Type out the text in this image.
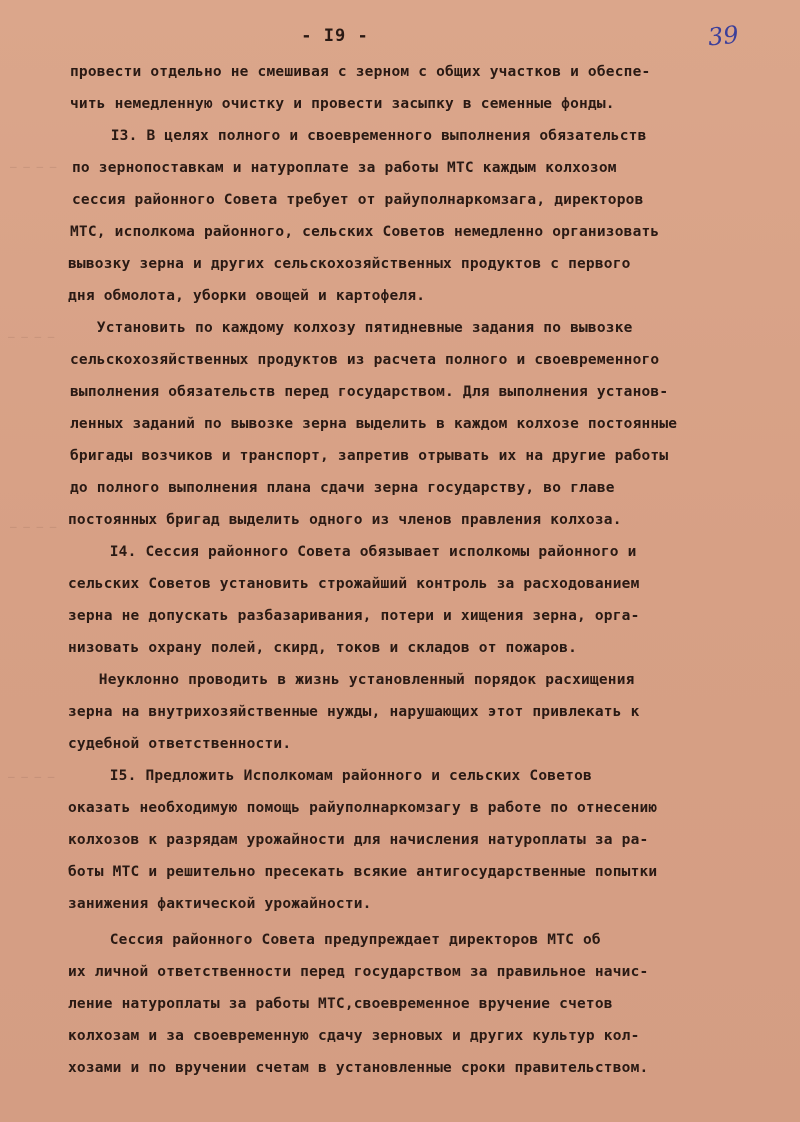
- I9 -	39
– – – –
– – – –
– – – –
– – – –
провести отдельно не смешивая с зерном с общих участков и обеспе-
чить немедленную очистку и провести засыпку в семенные фонды.
I3. В целях полного и своевременного выполнения обязательств
по зернопоставкам и натуроплате за работы МТС каждым колхозом
сессия районного Совета требует от райуполнаркомзага, директоров
МТС, исполкома районного, сельских Советов немедленно организовать
вывозку зерна и других сельскохозяйственных продуктов с первого
дня обмолота, уборки овощей и картофеля.
Установить по каждому колхозу пятидневные задания по вывозке
сельскохозяйственных продуктов из расчета полного и своевременного
выполнения обязательств перед государством. Для выполнения установ-
ленных заданий по вывозке зерна выделить в каждом колхозе постоянные
бригады возчиков и транспорт, запретив отрывать их на другие работы
до полного выполнения плана сдачи зерна государству, во главе
постоянных бригад выделить одного из членов правления колхоза.
I4. Сессия районного Совета обязывает исполкомы районного и
сельских Советов установить строжайший контроль за расходованием
зерна не допускать разбазаривания, потери и хищения зерна, орга-
низовать охрану полей, скирд, токов и складов от пожаров.
Неуклонно проводить в жизнь установленный порядок расхищения
зерна на внутрихозяйственные нужды, нарушающих этот привлекать к
судебной ответственности.
I5. Предложить Исполкомам районного и сельских Советов
оказать необходимую помощь райуполнаркомзагу в работе по отнесению
колхозов к разрядам урожайности для начисления натуроплаты за ра-
боты МТС и решительно пресекать всякие антигосударственные попытки
занижения фактической урожайности.
Сессия районного Совета предупреждает директоров МТС об
их личной ответственности перед государством за правильное начис-
ление натуроплаты за работы МТС,своевременное вручение счетов
колхозам и за своевременную сдачу зерновых и других культур кол-
хозами и по вручении счетам в установленные сроки правительством.
